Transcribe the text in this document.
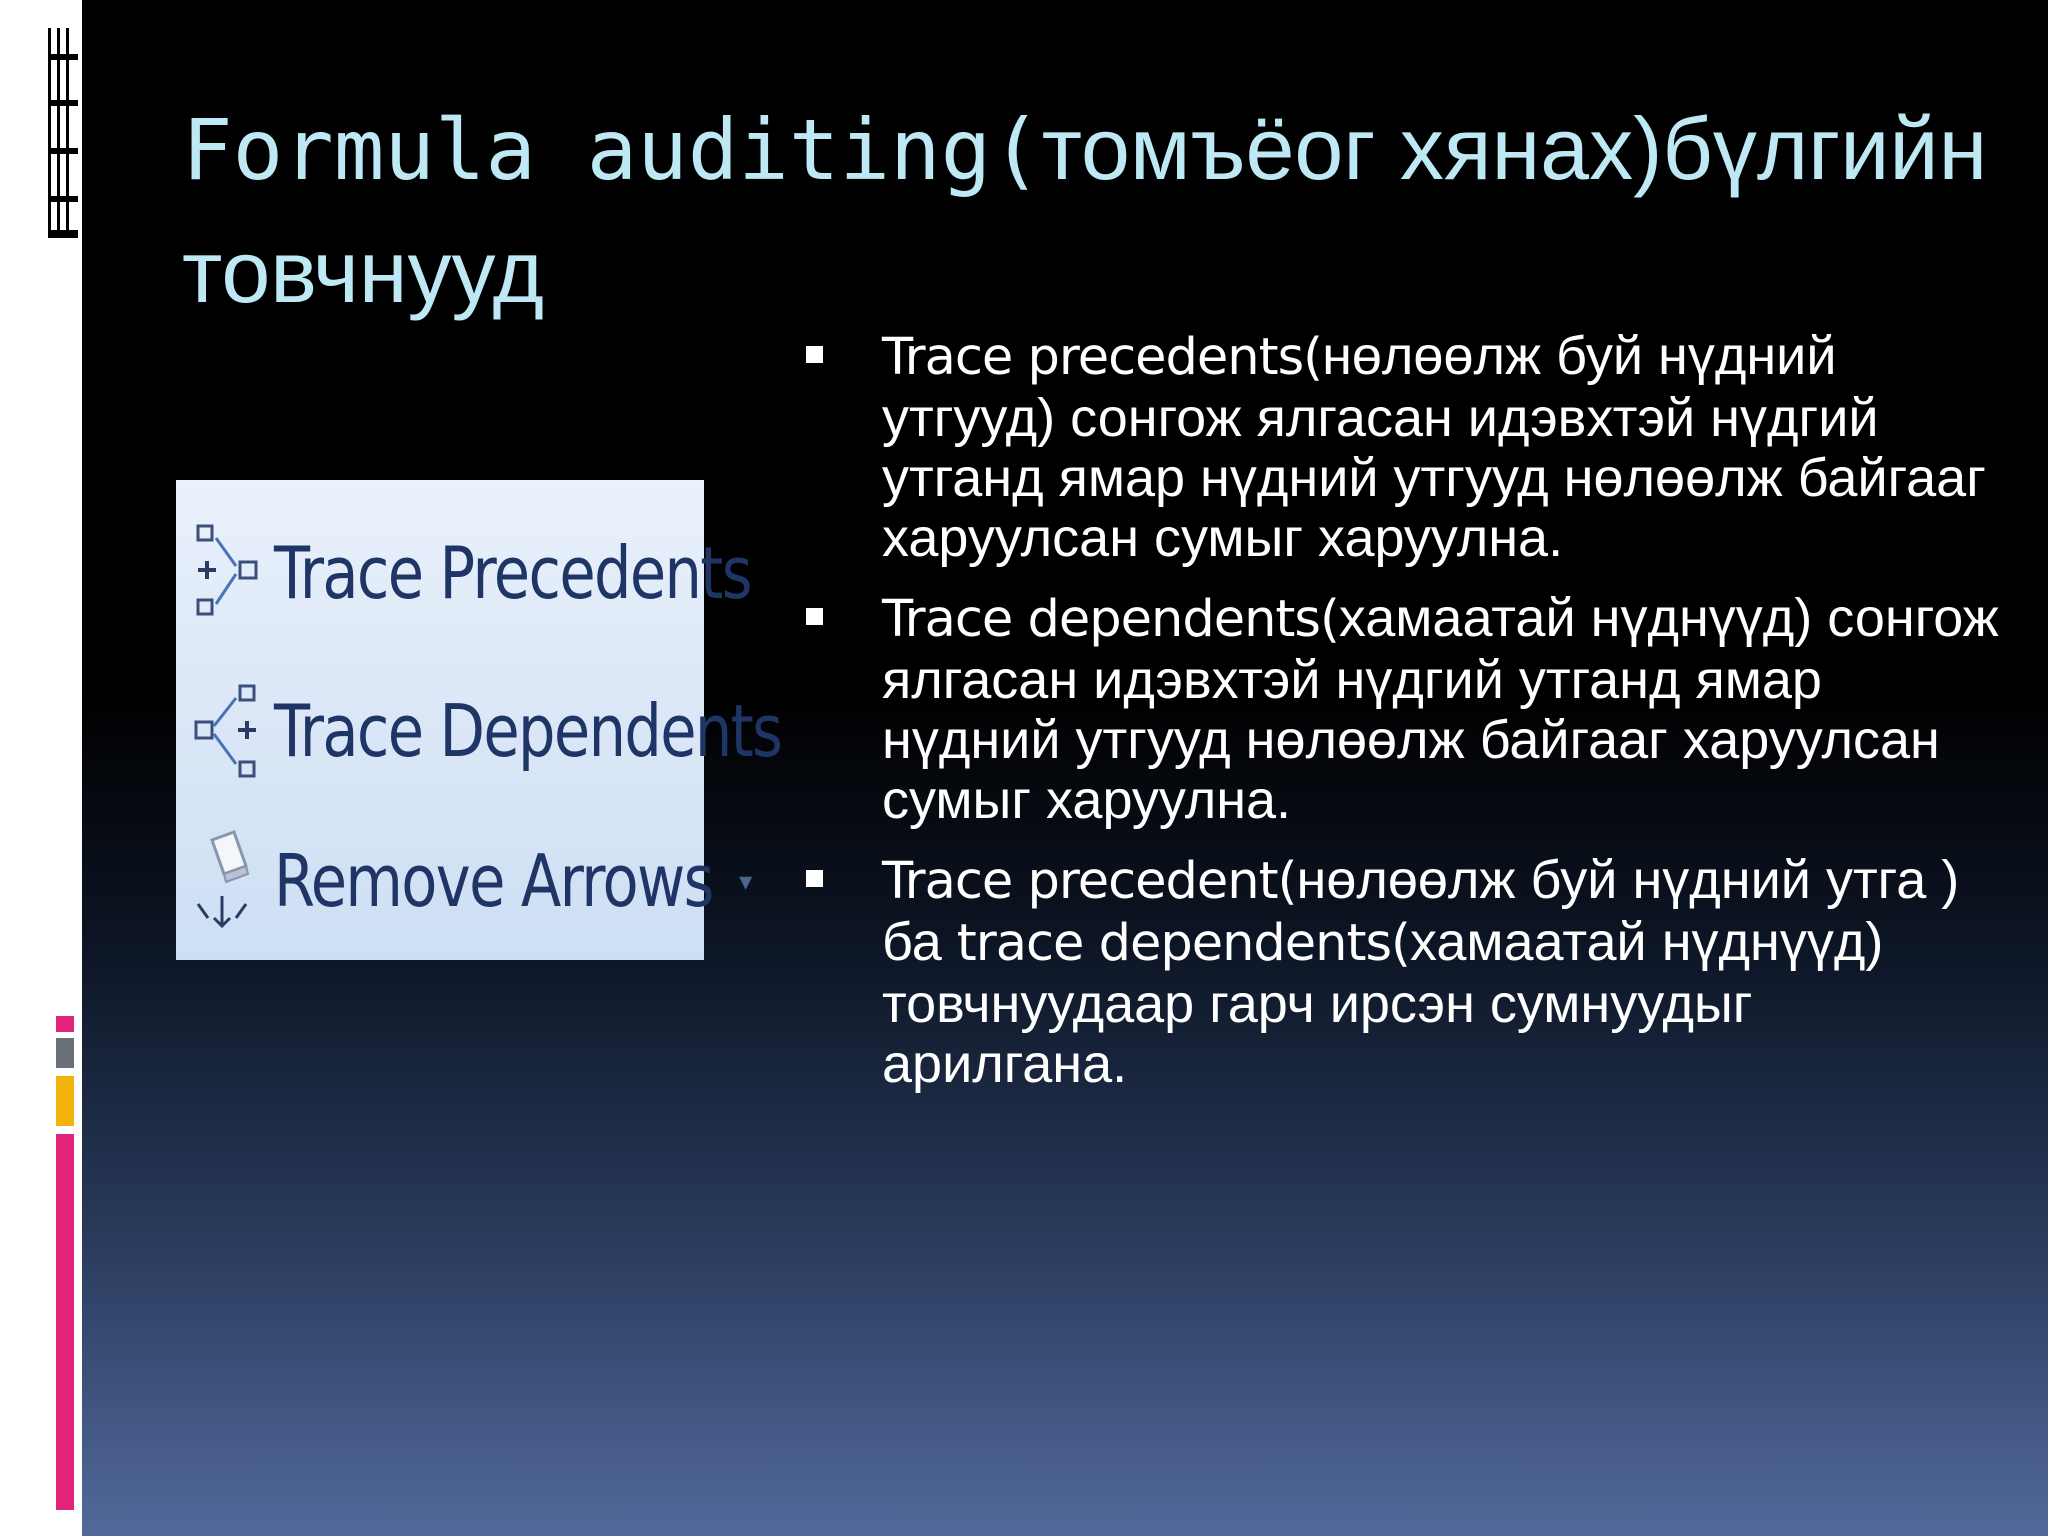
Formula auditing(томъёог хянах)бүлгийн товчнууд
Trace Precedents
Trace Dependents
Remove Arrows ▾
Trace precedents(нөлөөлж буй нүдний утгууд) сонгож ялгасан идэвхтэй нүдгий утганд ямар нүдний утгууд нөлөөлж байгааг харуулсан сумыг харуулна.
Trace dependents(хамаатай нүднүүд) сонгож ялгасан идэвхтэй нүдгий утганд ямар нүдний утгууд нөлөөлж байгааг харуулсан сумыг харуулна.
Trace precedent(нөлөөлж буй нүдний утга ) ба trace dependents(хамаатай нүднүүд) товчнуудаар гарч ирсэн сумнуудыг арилгана.
